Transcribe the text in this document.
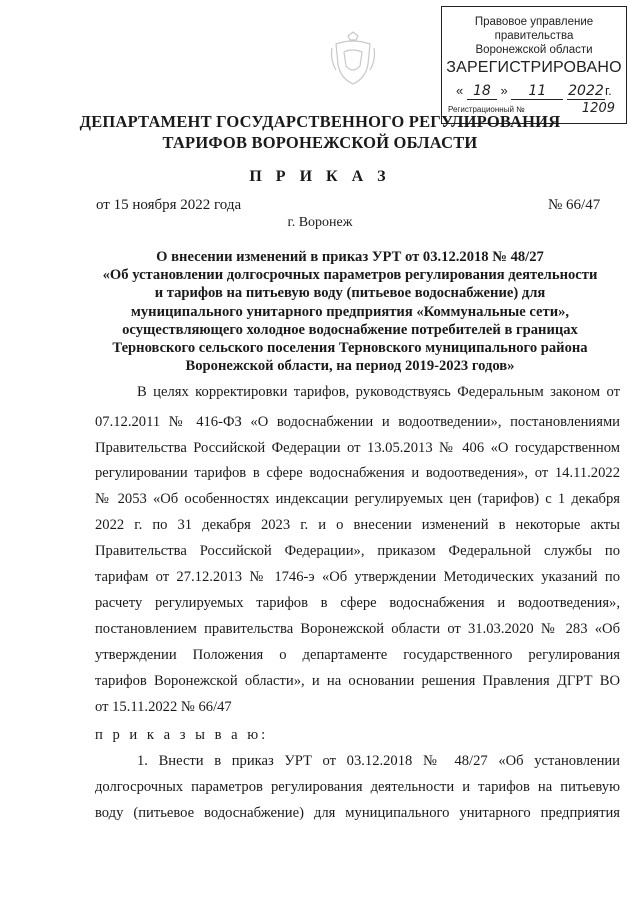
Правовое управление правительства
Воронежской области
ЗАРЕГИСТРИРОВАНО
« 18 » 11 2022г.
Регистрационный №	1209
ДЕПАРТАМЕНТ ГОСУДАРСТВЕННОГО РЕГУЛИРОВАНИЯ
ТАРИФОВ ВОРОНЕЖСКОЙ ОБЛАСТИ
П Р И К А З
от 15 ноября 2022 года	№ 66/47
г. Воронеж
О внесении изменений в приказ УРТ от 03.12.2018 № 48/27
«Об установлении долгосрочных параметров регулирования деятельности
и тарифов на питьевую воду (питьевое водоснабжение) для
муниципального унитарного предприятия «Коммунальные сети»,
осуществляющего холодное водоснабжение потребителей в границах
Терновского сельского поселения Терновского муниципального района
Воронежской области, на период 2019-2023 годов»
В целях корректировки тарифов, руководствуясь Федеральным законом от
07.12.2011 № 416-ФЗ «О водоснабжении и водоотведении», постановлениями
Правительства Российской Федерации от 13.05.2013 № 406 «О государственном
регулировании тарифов в сфере водоснабжения и водоотведения», от 14.11.2022
№ 2053 «Об особенностях индексации регулируемых цен (тарифов) с 1 декабря
2022 г. по 31 декабря 2023 г. и о внесении изменений в некоторые акты
Правительства Российской Федерации», приказом Федеральной службы по
тарифам от 27.12.2013 № 1746-э «Об утверждении Методических указаний по
расчету регулируемых тарифов в сфере водоснабжения и водоотведения»,
постановлением правительства Воронежской области от 31.03.2020 № 283 «Об
утверждении Положения о департаменте государственного регулирования
тарифов Воронежской области», и на основании решения Правления ДГРТ ВО
от 15.11.2022 № 66/47
п р и к а з ы в а ю:
1. Внести в приказ УРТ от 03.12.2018 № 48/27 «Об установлении
долгосрочных параметров регулирования деятельности и тарифов на питьевую
воду (питьевое водоснабжение) для муниципального унитарного предприятия
